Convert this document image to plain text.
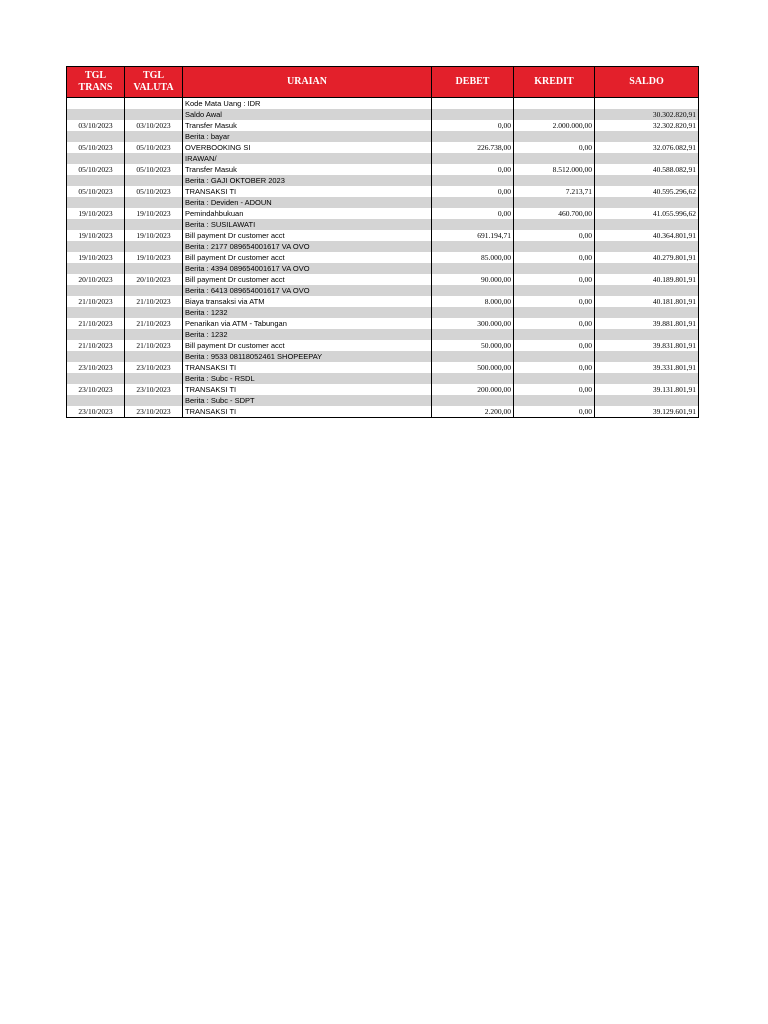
TGL TRANS	TGL VALUTA	URAIAN	DEBET	KREDIT	SALDO
		Kode Mata Uang : IDR			
		Saldo Awal			30.302.820,91
03/10/2023	03/10/2023	Transfer Masuk	0,00	2.000.000,00	32.302.820,91
		Berita : bayar			
05/10/2023	05/10/2023	OVERBOOKING SI	226.738,00	0,00	32.076.082,91
		IRAWAN/			
05/10/2023	05/10/2023	Transfer Masuk	0,00	8.512.000,00	40.588.082,91
		Berita : GAJI OKTOBER 2023			
05/10/2023	05/10/2023	TRANSAKSI TI	0,00	7.213,71	40.595.296,62
		Berita : Deviden - ADOUN			
19/10/2023	19/10/2023	Pemindahbukuan	0,00	460.700,00	41.055.996,62
		Berita : SUSILAWATI			
19/10/2023	19/10/2023	Bill payment Dr customer acct	691.194,71	0,00	40.364.801,91
		Berita : 2177 089654001617 VA OVO			
19/10/2023	19/10/2023	Bill payment Dr customer acct	85.000,00	0,00	40.279.801,91
		Berita : 4394 089654001617 VA OVO			
20/10/2023	20/10/2023	Bill payment Dr customer acct	90.000,00	0,00	40.189.801,91
		Berita : 6413 089654001617 VA OVO			
21/10/2023	21/10/2023	Biaya transaksi via ATM	8.000,00	0,00	40.181.801,91
		Berita : 1232			
21/10/2023	21/10/2023	Penarikan via ATM - Tabungan	300.000,00	0,00	39.881.801,91
		Berita : 1232			
21/10/2023	21/10/2023	Bill payment Dr customer acct	50.000,00	0,00	39.831.801,91
		Berita : 9533 08118052461 SHOPEEPAY			
23/10/2023	23/10/2023	TRANSAKSI TI	500.000,00	0,00	39.331.801,91
		Berita : Subc - RSDL			
23/10/2023	23/10/2023	TRANSAKSI TI	200.000,00	0,00	39.131.801,91
		Berita : Subc - SDPT			
23/10/2023	23/10/2023	TRANSAKSI TI	2.200,00	0,00	39.129.601,91
